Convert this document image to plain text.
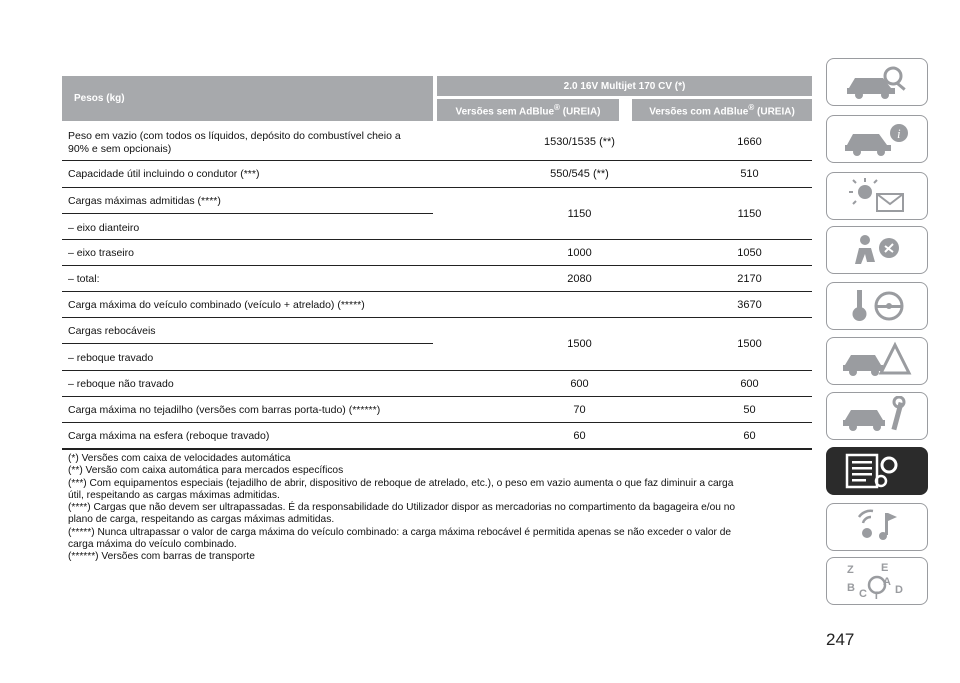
Pesos (kg)
2.0 16V Multijet 170 CV (*)
Versões sem AdBlue® (UREIA)	Versões com AdBlue® (UREIA)
Peso em vazio (com todos os líquidos, depósito do combustível cheio a
90% e sem opcionais)
1530/1535 (**)	1660
Capacidade útil incluindo o condutor (***)	550/545 (**)	510
Cargas máximas admitidas (****)
– eixo dianteiro
1150	1150
– eixo traseiro	1000	1050
– total:	2080	2170
Carga máxima do veículo combinado (veículo + atrelado) (*****)	3670
Cargas rebocáveis
– reboque travado
1500	1500
– reboque não travado	600	600
Carga máxima no tejadilho (versões com barras porta-tudo) (******)	70	50
Carga máxima na esfera (reboque travado)	60	60
(*) Versões com caixa de velocidades automática
(**) Versão com caixa automática para mercados específicos
(***) Com equipamentos especiais (tejadilho de abrir, dispositivo de reboque de atrelado, etc.), o peso em vazio aumenta o que faz diminuir a carga
útil, respeitando as cargas máximas admitidas.
(****) Cargas que não devem ser ultrapassadas. É da responsabilidade do Utilizador dispor as mercadorias no compartimento da bagageira e/ou no
plano de carga, respeitando as cargas máximas admitidas.
(*****) Nunca ultrapassar o valor de carga máxima do veículo combinado: a carga máxima rebocável é permitida apenas se não exceder o valor de
carga máxima do veículo combinado.
(******) Versões com barras de transporte
i
Z E
B	A
C T D
247
